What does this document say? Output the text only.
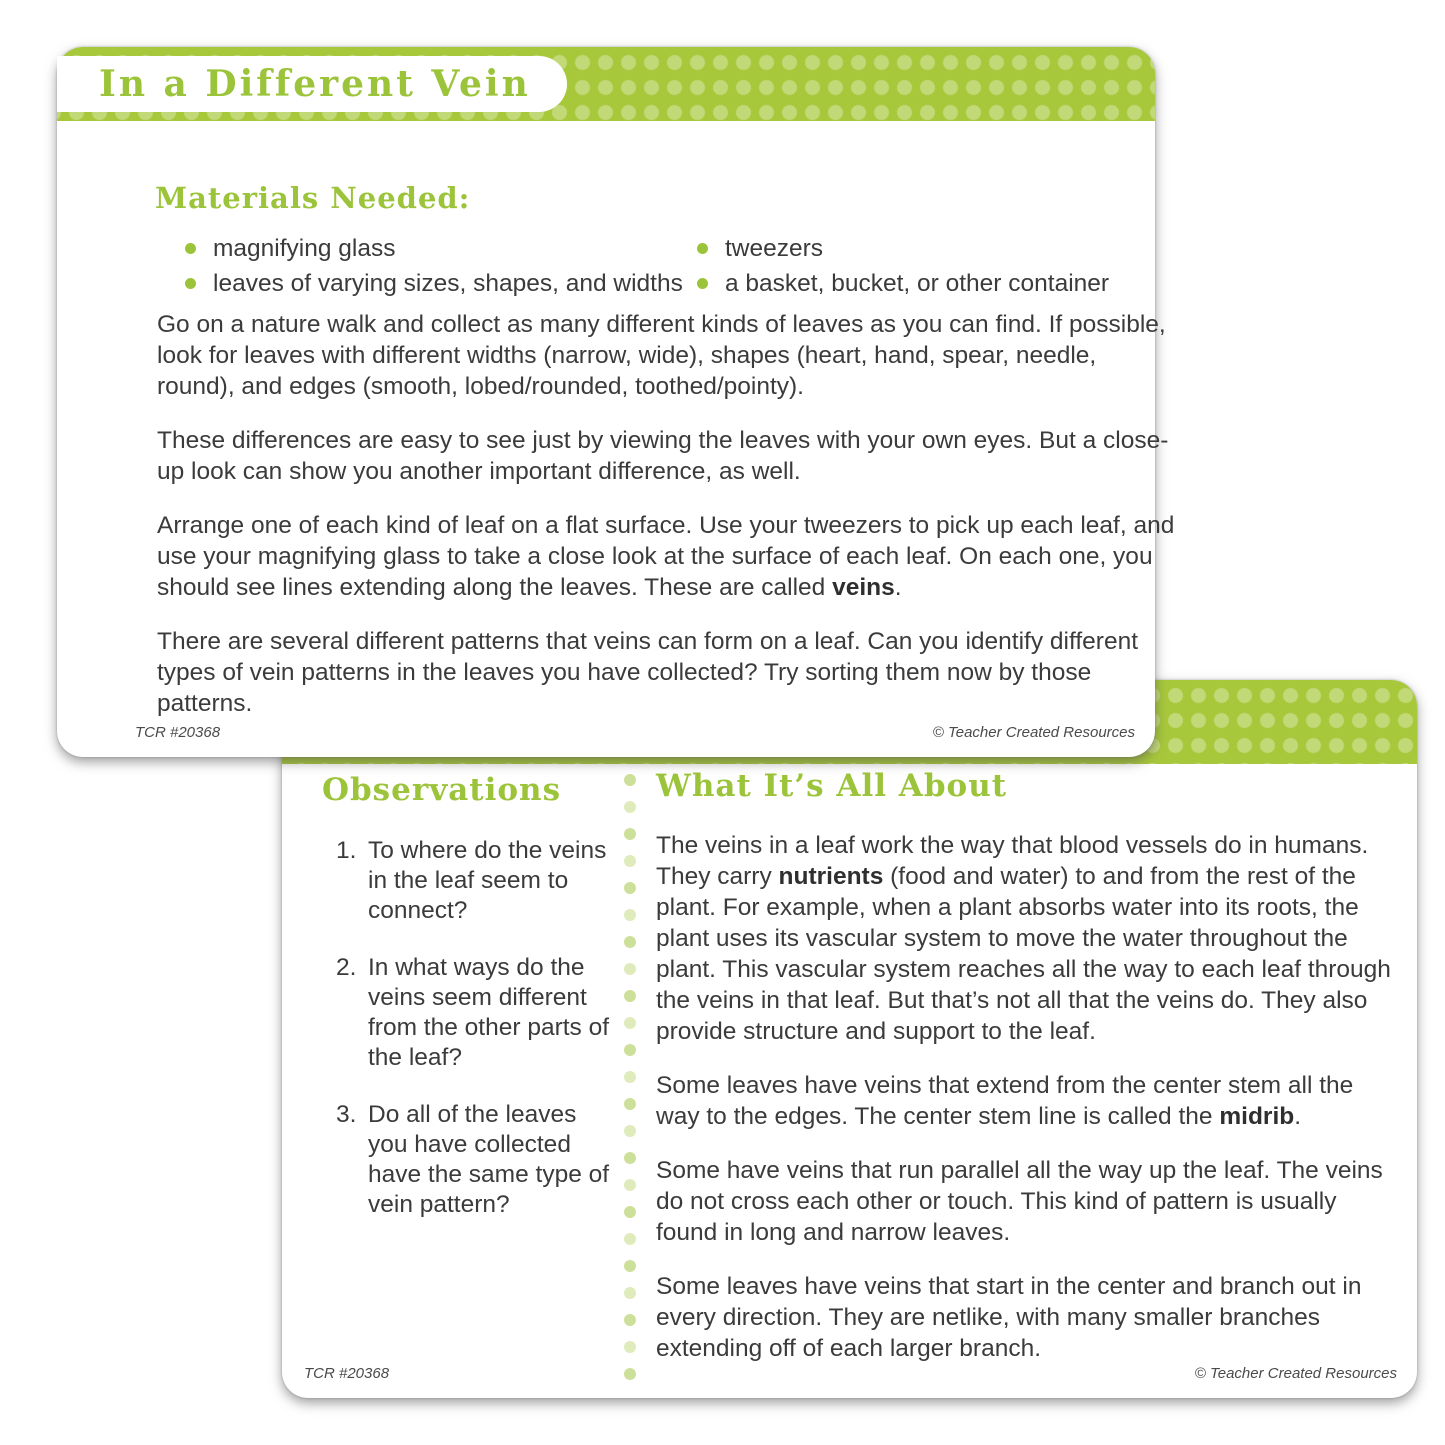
In a Different Vein
Materials Needed:
magnifying glass
leaves of varying sizes, shapes, and widths
tweezers
a basket, bucket, or other container

Go on a nature walk and collect as many different kinds of leaves as you can find. If possible, look for leaves with different widths (narrow, wide), shapes (heart, hand, spear, needle, round), and edges (smooth, lobed/rounded, toothed/pointy).

These differences are easy to see just by viewing the leaves with your own eyes. But a close-up look can show you another important difference, as well.

Arrange one of each kind of leaf on a flat surface. Use your tweezers to pick up each leaf, and use your magnifying glass to take a close look at the surface of each leaf. On each one, you should see lines extending along the leaves. These are called veins.

There are several different patterns that veins can form on a leaf. Can you identify different types of vein patterns in the leaves you have collected? Try sorting them now by those patterns.

TCR #20368	© Teacher Created Resources
Observations
1. To where do the veins in the leaf seem to connect?
2. In what ways do the veins seem different from the other parts of the leaf?
3. Do all of the leaves you have collected have the same type of vein pattern?
What It’s All About

The veins in a leaf work the way that blood vessels do in humans. They carry nutrients (food and water) to and from the rest of the plant. For example, when a plant absorbs water into its roots, the plant uses its vascular system to move the water throughout the plant. This vascular system reaches all the way to each leaf through the veins in that leaf. But that’s not all that the veins do. They also provide structure and support to the leaf.

Some leaves have veins that extend from the center stem all the way to the edges. The center stem line is called the midrib.

Some have veins that run parallel all the way up the leaf. The veins do not cross each other or touch. This kind of pattern is usually found in long and narrow leaves.

Some leaves have veins that start in the center and branch out in every direction. They are netlike, with many smaller branches extending off of each larger branch.

TCR #20368	© Teacher Created Resources
